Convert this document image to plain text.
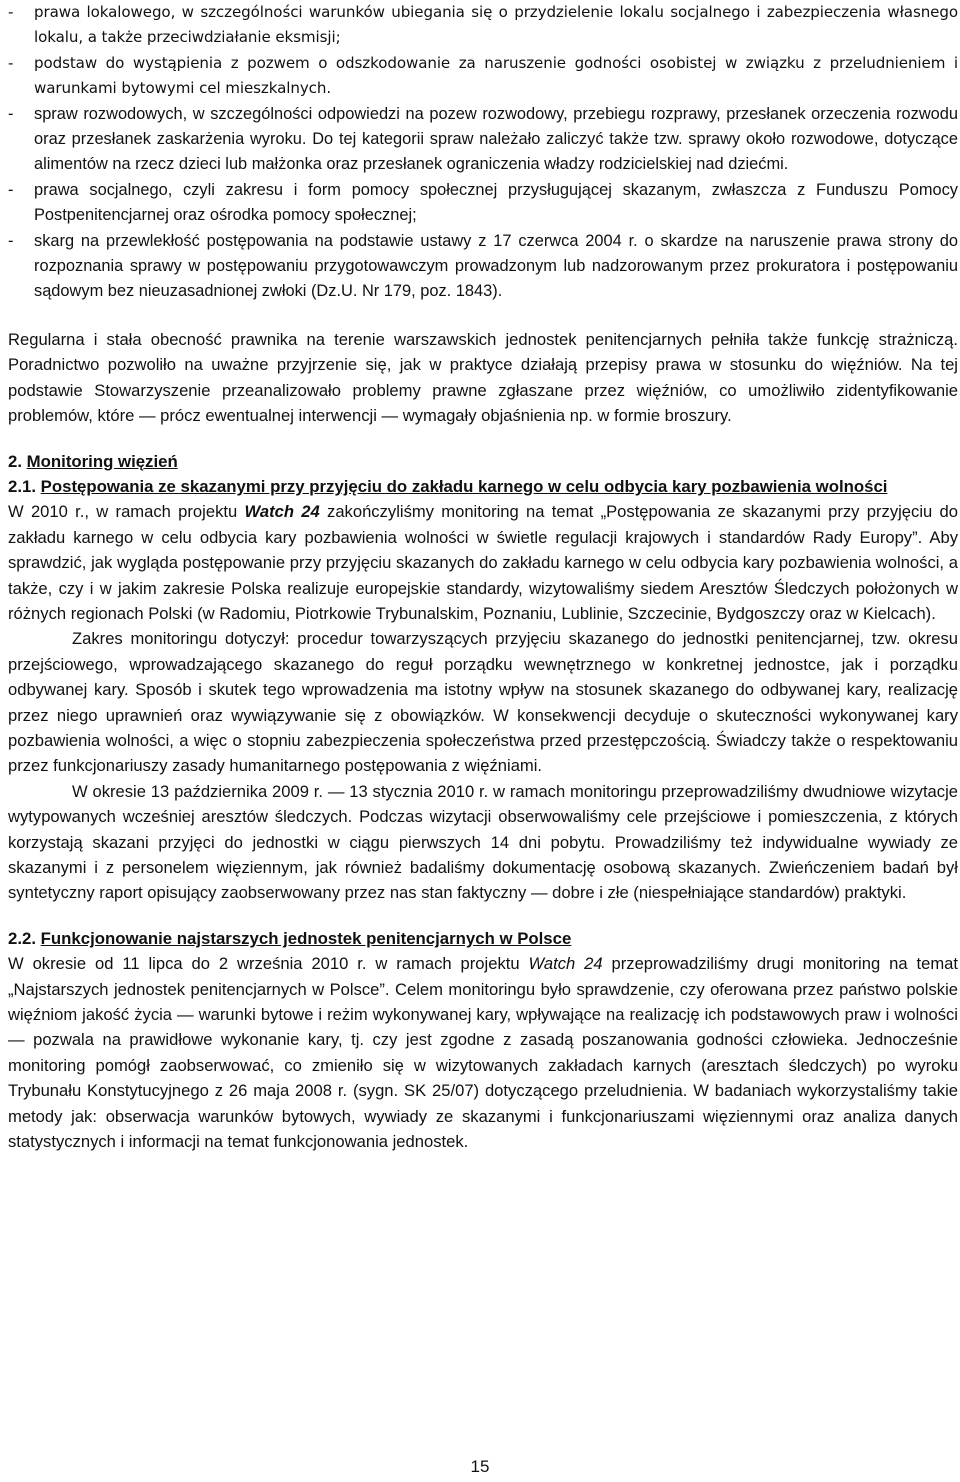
- prawa lokalowego, w szczególności warunków ubiegania się o przydzielenie lokalu socjalnego i zabezpieczenia własnego lokalu, a także przeciwdziałanie eksmisji;
- podstaw do wystąpienia z pozwem o odszkodowanie za naruszenie godności osobistej w związku z przeludnieniem i warunkami bytowymi cel mieszkalnych.
- spraw rozwodowych, w szczególności odpowiedzi na pozew rozwodowy, przebiegu rozprawy, przesłanek orzeczenia rozwodu oraz przesłanek zaskarżenia wyroku. Do tej kategorii spraw należało zaliczyć także tzw. sprawy około rozwodowe, dotyczące alimentów na rzecz dzieci lub małżonka oraz przesłanek ograniczenia władzy rodzicielskiej nad dziećmi.
- prawa socjalnego, czyli zakresu i form pomocy społecznej przysługującej skazanym, zwłaszcza z Funduszu Pomocy Postpenitencjarnej oraz ośrodka pomocy społecznej;
- skarg na przewlekłość postępowania na podstawie ustawy z 17 czerwca 2004 r. o skardze na naruszenie prawa strony do rozpoznania sprawy w postępowaniu przygotowawczym prowadzonym lub nadzorowanym przez prokuratora i postępowaniu sądowym bez nieuzasadnionej zwłoki (Dz.U. Nr 179, poz. 1843).

Regularna i stała obecność prawnika na terenie warszawskich jednostek penitencjarnych pełniła także funkcję strażniczą. Poradnictwo pozwoliło na uważne przyjrzenie się, jak w praktyce działają przepisy prawa w stosunku do więźniów. Na tej podstawie Stowarzyszenie przeanalizowało problemy prawne zgłaszane przez więźniów, co umożliwiło zidentyfikowanie problemów, które — prócz ewentualnej interwencji — wymagały objaśnienia np. w formie broszury.

2. Monitoring więzień
2.1. Postępowania ze skazanymi przy przyjęciu do zakładu karnego w celu odbycia kary pozbawienia wolności

W 2010 r., w ramach projektu Watch 24 zakończyliśmy monitoring na temat „Postępowania ze skazanymi przy przyjęciu do zakładu karnego w celu odbycia kary pozbawienia wolności w świetle regulacji krajowych i standardów Rady Europy”. Aby sprawdzić, jak wygląda postępowanie przy przyjęciu skazanych do zakładu karnego w celu odbycia kary pozbawienia wolności, a także, czy i w jakim zakresie Polska realizuje europejskie standardy, wizytowaliśmy siedem Aresztów Śledczych położonych w różnych regionach Polski (w Radomiu, Piotrkowie Trybunalskim, Poznaniu, Lublinie, Szczecinie, Bydgoszczy oraz w Kielcach).

Zakres monitoringu dotyczył: procedur towarzyszących przyjęciu skazanego do jednostki penitencjarnej, tzw. okresu przejściowego, wprowadzającego skazanego do reguł porządku wewnętrznego w konkretnej jednostce, jak i porządku odbywanej kary. Sposób i skutek tego wprowadzenia ma istotny wpływ na stosunek skazanego do odbywanej kary, realizację przez niego uprawnień oraz wywiązywanie się z obowiązków. W konsekwencji decyduje o skuteczności wykonywanej kary pozbawienia wolności, a więc o stopniu zabezpieczenia społeczeństwa przed przestępczością. Świadczy także o respektowaniu przez funkcjonariuszy zasady humanitarnego postępowania z więźniami.

W okresie 13 października 2009 r. — 13 stycznia 2010 r. w ramach monitoringu przeprowadziliśmy dwudniowe wizytacje wytypowanych wcześniej aresztów śledczych. Podczas wizytacji obserwowaliśmy cele przejściowe i pomieszczenia, z których korzystają skazani przyjęci do jednostki w ciągu pierwszych 14 dni pobytu. Prowadziliśmy też indywidualne wywiady ze skazanymi i z personelem więziennym, jak również badaliśmy dokumentację osobową skazanych. Zwieńczeniem badań był syntetyczny raport opisujący zaobserwowany przez nas stan faktyczny — dobre i złe (niespełniające standardów) praktyki.

2.2. Funkcjonowanie najstarszych jednostek penitencjarnych w Polsce

W okresie od 11 lipca do 2 września 2010 r. w ramach projektu Watch 24 przeprowadziliśmy drugi monitoring na temat „Najstarszych jednostek penitencjarnych w Polsce”. Celem monitoringu było sprawdzenie, czy oferowana przez państwo polskie więźniom jakość życia — warunki bytowe i reżim wykonywanej kary, wpływające na realizację ich podstawowych praw i wolności — pozwala na prawidłowe wykonanie kary, tj. czy jest zgodne z zasadą poszanowania godności człowieka. Jednocześnie monitoring pomógł zaobserwować, co zmieniło się w wizytowanych zakładach karnych (aresztach śledczych) po wyroku Trybunału Konstytucyjnego z 26 maja 2008 r. (sygn. SK 25/07) dotyczącego przeludnienia. W badaniach wykorzystaliśmy takie metody jak: obserwacja warunków bytowych, wywiady ze skazanymi i funkcjonariuszami więziennymi oraz analiza danych statystycznych i informacji na temat funkcjonowania jednostek.

15
